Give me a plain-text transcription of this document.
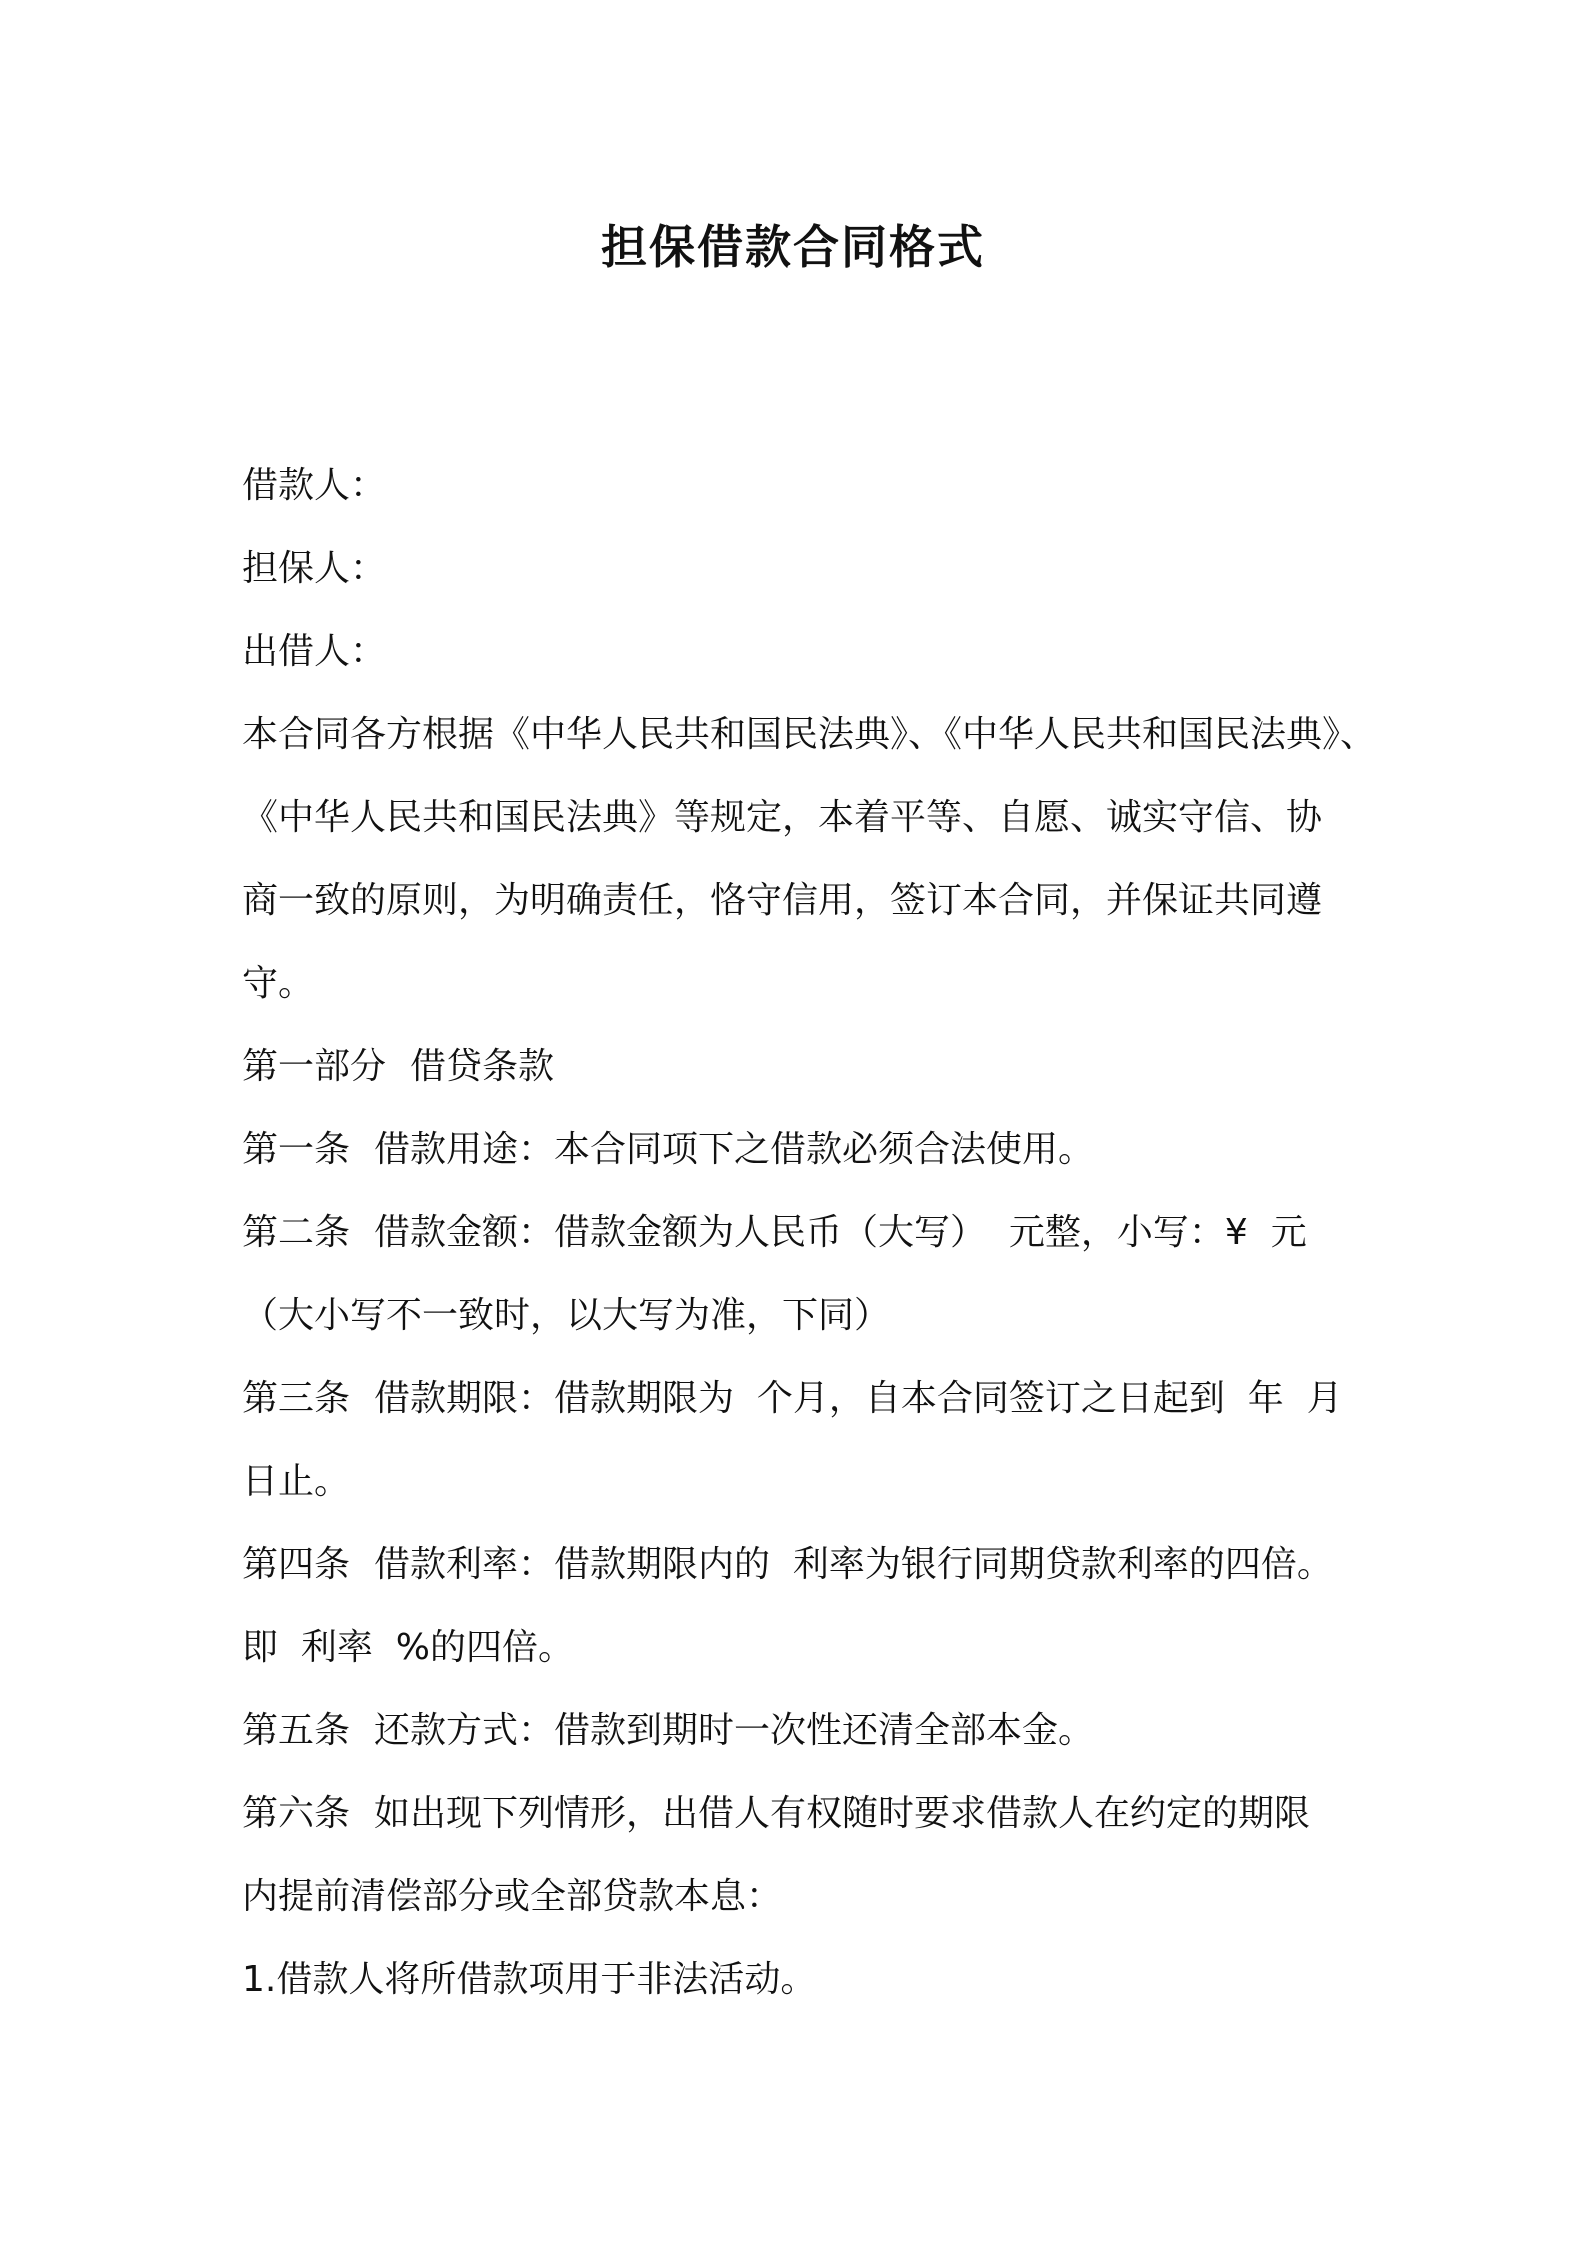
担保借款合同格式

借款人：

担保人：

出借人：

本合同各方根据《中华人民共和国民法典》、《中华人民共和国民法典》、

《中华人民共和国民法典》等规定，本着平等、自愿、诚实守信、协

商一致的原则，为明确责任，恪守信用，签订本合同，并保证共同遵

守。

第一部分 借贷条款

第一条 借款用途：本合同项下之借款必须合法使用。

第二条 借款金额：借款金额为人民币（大写）  元整，小写：¥  元

（大小写不一致时，以大写为准，下同）

第三条 借款期限：借款期限为  个月，自本合同签订之日起到  年  月

日止。

第四条 借款利率：借款期限内的  利率为银行同期贷款利率的四倍。

即  利率  %的四倍。

第五条 还款方式：借款到期时一次性还清全部本金。

第六条 如出现下列情形，出借人有权随时要求借款人在约定的期限

内提前清偿部分或全部贷款本息：

1.借款人将所借款项用于非法活动。
